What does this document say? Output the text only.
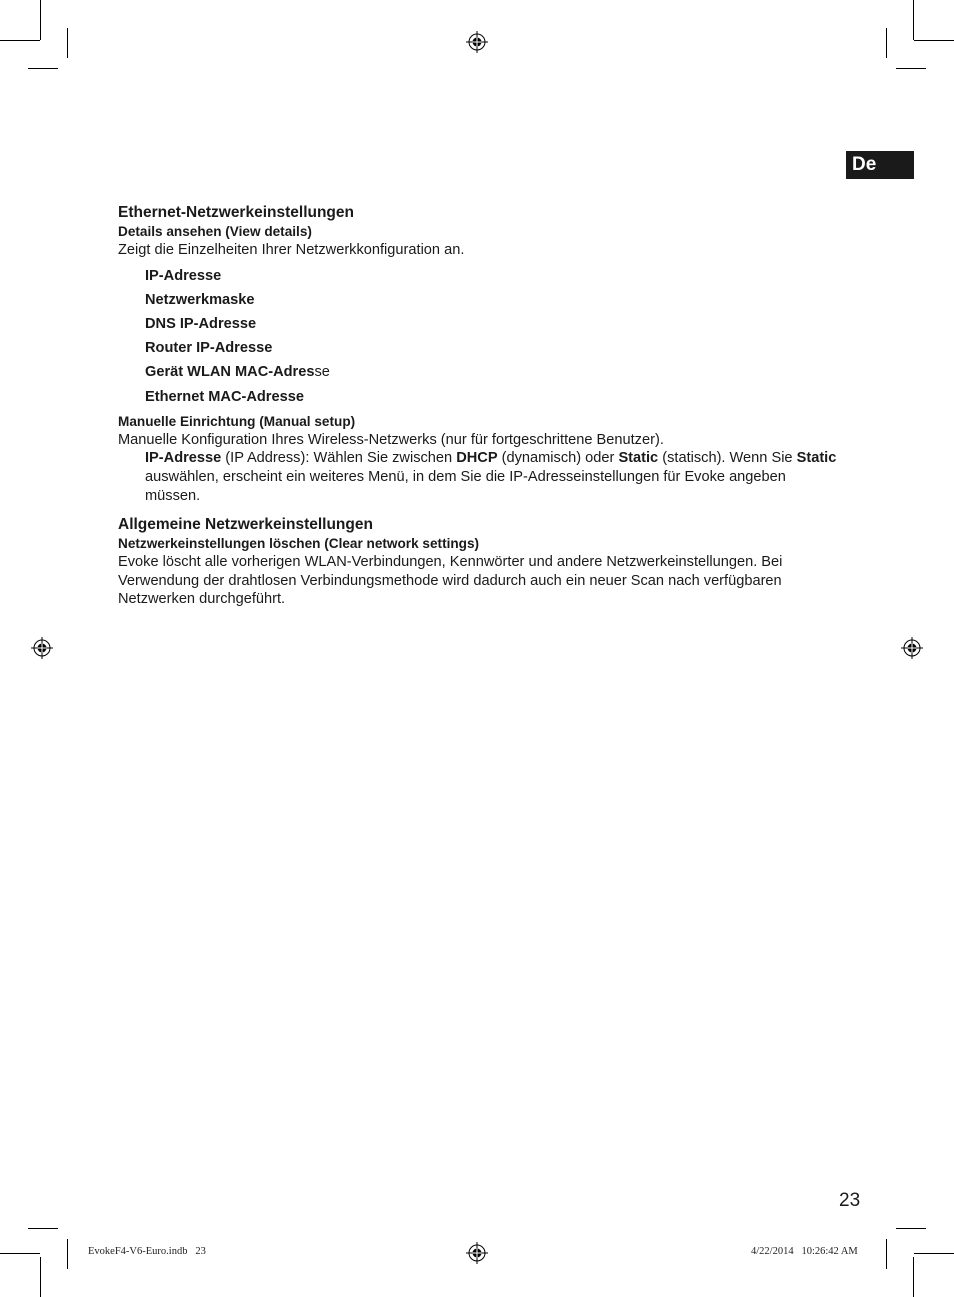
De
Ethernet-Netzwerkeinstellungen
Details ansehen (View details)

Zeigt die Einzelheiten Ihrer Netzwerkkonfiguration an.

IP-Adresse
Netzwerkmaske
DNS IP-Adresse
Router IP-Adresse
Gerät WLAN MAC-Adresse
Ethernet MAC-Adresse
Manuelle Einrichtung (Manual setup)

Manuelle Konfiguration Ihres Wireless-Netzwerks (nur für fortgeschrittene Benutzer).

IP-Adresse (IP Address): Wählen Sie zwischen DHCP (dynamisch) oder Static (statisch). Wenn Sie Static auswählen, erscheint ein weiteres Menü, in dem Sie die IP-Adresseinstellungen für Evoke angeben müssen.

Allgemeine Netzwerkeinstellungen
Netzwerkeinstellungen löschen (Clear network settings)

Evoke löscht alle vorherigen WLAN-Verbindungen, Kennwörter und andere Netzwerkeinstellungen. Bei Verwendung der drahtlosen Verbindungsmethode wird dadurch auch ein neuer Scan nach verfügbaren Netzwerken durchgeführt.

23
EvokeF4-V6-Euro.indb   23	4/22/2014   10:26:42 AM
